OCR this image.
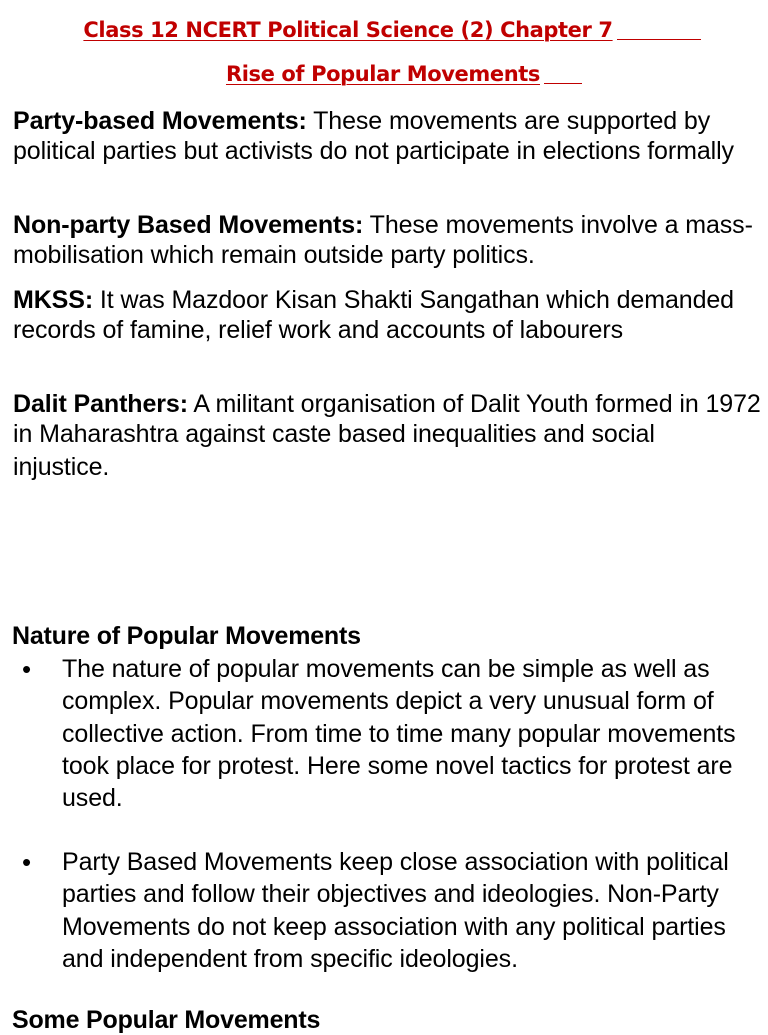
Class 12 NCERT Political Science (2) Chapter 7
Rise of Popular Movements
Party-based Movements: These movements are supported by political parties but activists do not participate in elections formally
Non-party Based Movements: These movements involve a mass-mobilisation which remain outside party politics.
MKSS: It was Mazdoor Kisan Shakti Sangathan which demanded records of famine, relief work and accounts of labourers
Dalit Panthers: A militant organisation of Dalit Youth formed in 1972 in Maharashtra against caste based inequalities and social
injustice.
Nature of Popular Movements
• The nature of popular movements can be simple as well as complex. Popular movements depict a very unusual form of collective action. From time to time many popular movements took place for protest. Here some novel tactics for protest are used.
• Party Based Movements keep close association with political parties and follow their objectives and ideologies. Non-Party Movements do not keep association with any political parties and independent from specific ideologies.
Some Popular Movements
